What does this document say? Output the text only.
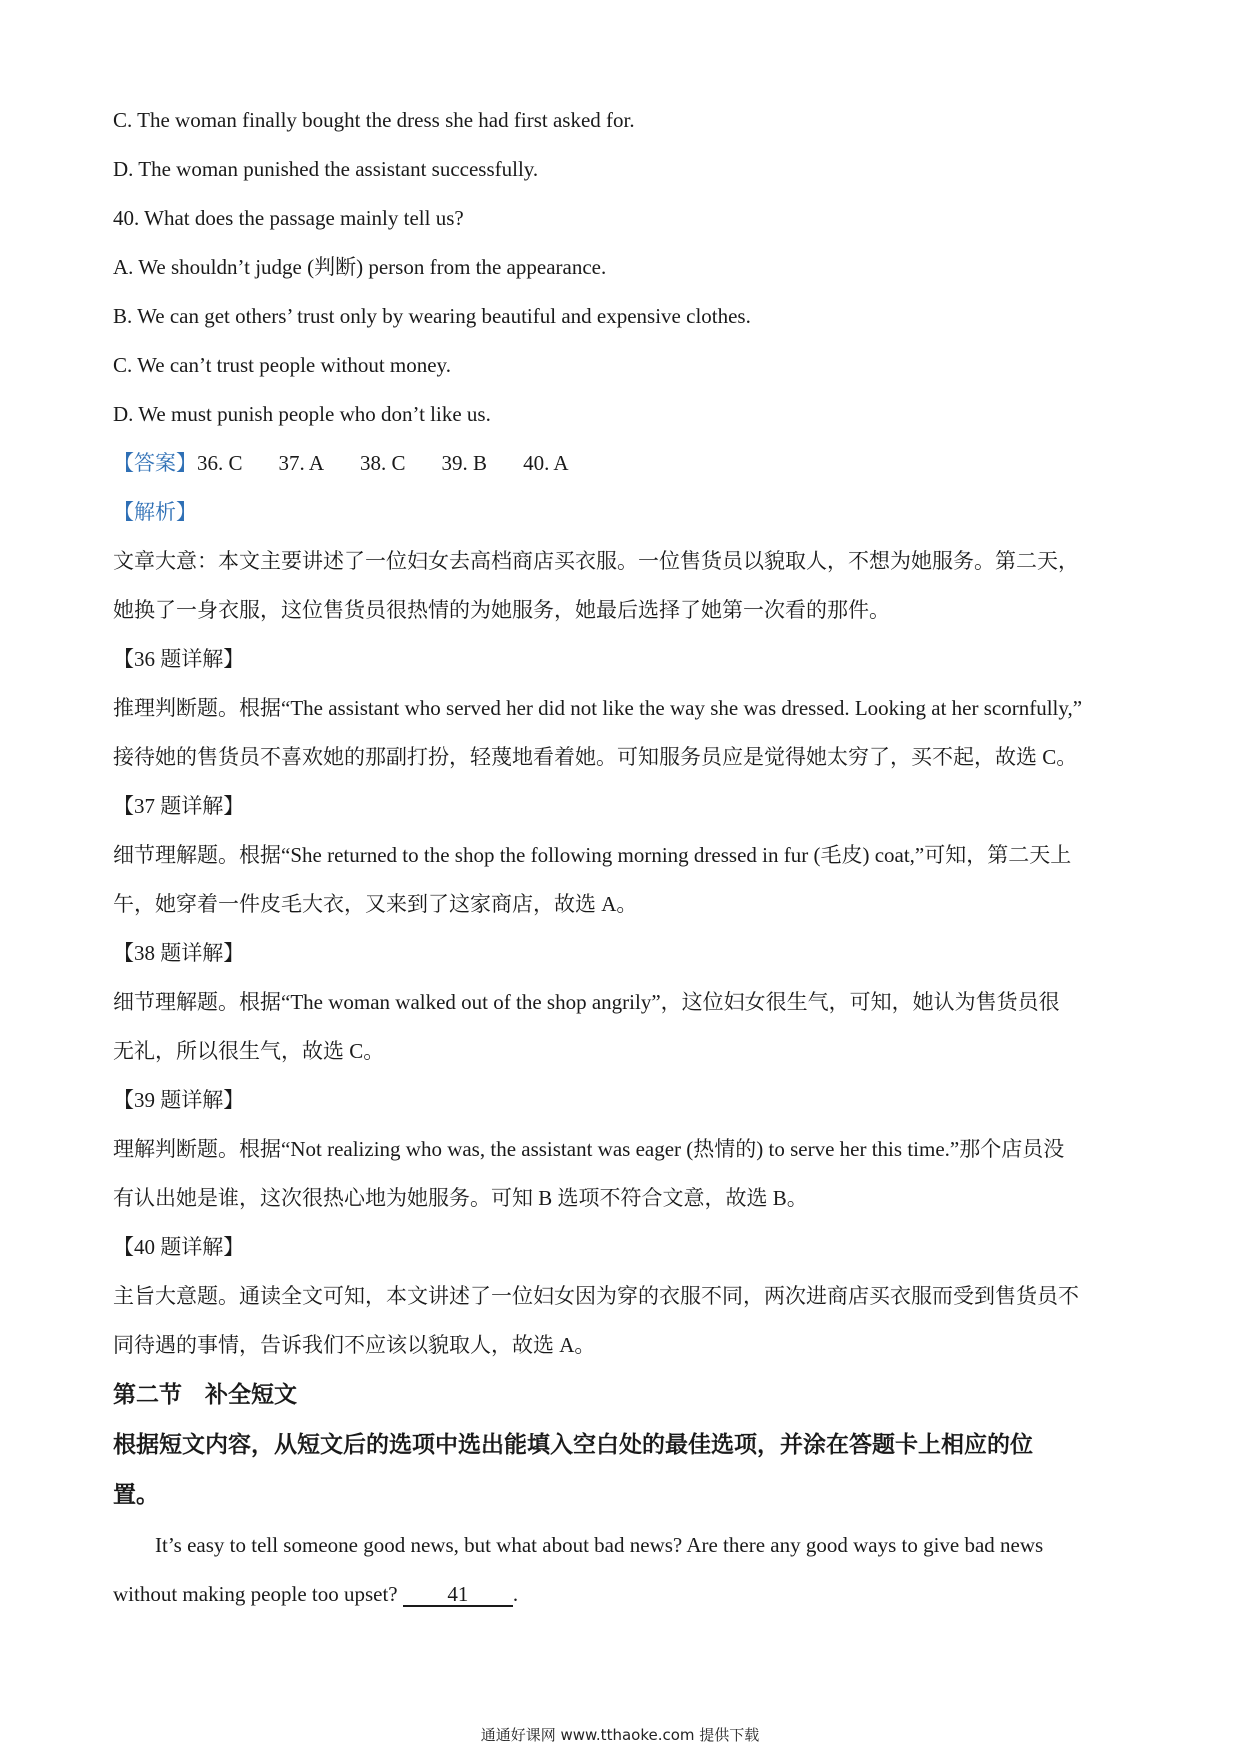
C. The woman finally bought the dress she had first asked for.
D. The woman punished the assistant successfully.
40. What does the passage mainly tell us?
A. We shouldn’t judge (判断) person from the appearance.
B. We can get others’ trust only by wearing beautiful and expensive clothes.
C. We can’t trust people without money.
D. We must punish people who don’t like us.
【答案】36. C 37. A 38. C 39. B 40. A
【解析】
文章大意：本文主要讲述了一位妇女去高档商店买衣服。一位售货员以貌取人，不想为她服务。第二天，
她换了一身衣服，这位售货员很热情的为她服务，她最后选择了她第一次看的那件。
【36 题详解】
推理判断题。根据“The assistant who served her did not like the way she was dressed. Looking at her scornfully,”
接待她的售货员不喜欢她的那副打扮，轻蔑地看着她。可知服务员应是觉得她太穷了，买不起，故选 C。
【37 题详解】
细节理解题。根据“She returned to the shop the following morning dressed in fur (毛皮) coat,”可知，第二天上
午，她穿着一件皮毛大衣，又来到了这家商店，故选 A。
【38 题详解】
细节理解题。根据“The woman walked out of the shop angrily”，这位妇女很生气，可知，她认为售货员很
无礼，所以很生气，故选 C。
【39 题详解】
理解判断题。根据“Not realizing who was, the assistant was eager (热情的) to serve her this time.”那个店员没
有认出她是谁，这次很热心地为她服务。可知 B 选项不符合文意，故选 B。
【40 题详解】
主旨大意题。通读全文可知，本文讲述了一位妇女因为穿的衣服不同，两次进商店买衣服而受到售货员不
同待遇的事情，告诉我们不应该以貌取人，故选 A。
第二节　补全短文
根据短文内容，从短文后的选项中选出能填入空白处的最佳选项，并涂在答题卡上相应的位
置。
It’s easy to tell someone good news, but what about bad news? Are there any good ways to give bad news
without making people too upset? 41 .
通通好课网 www.tthaoke.com 提供下载
